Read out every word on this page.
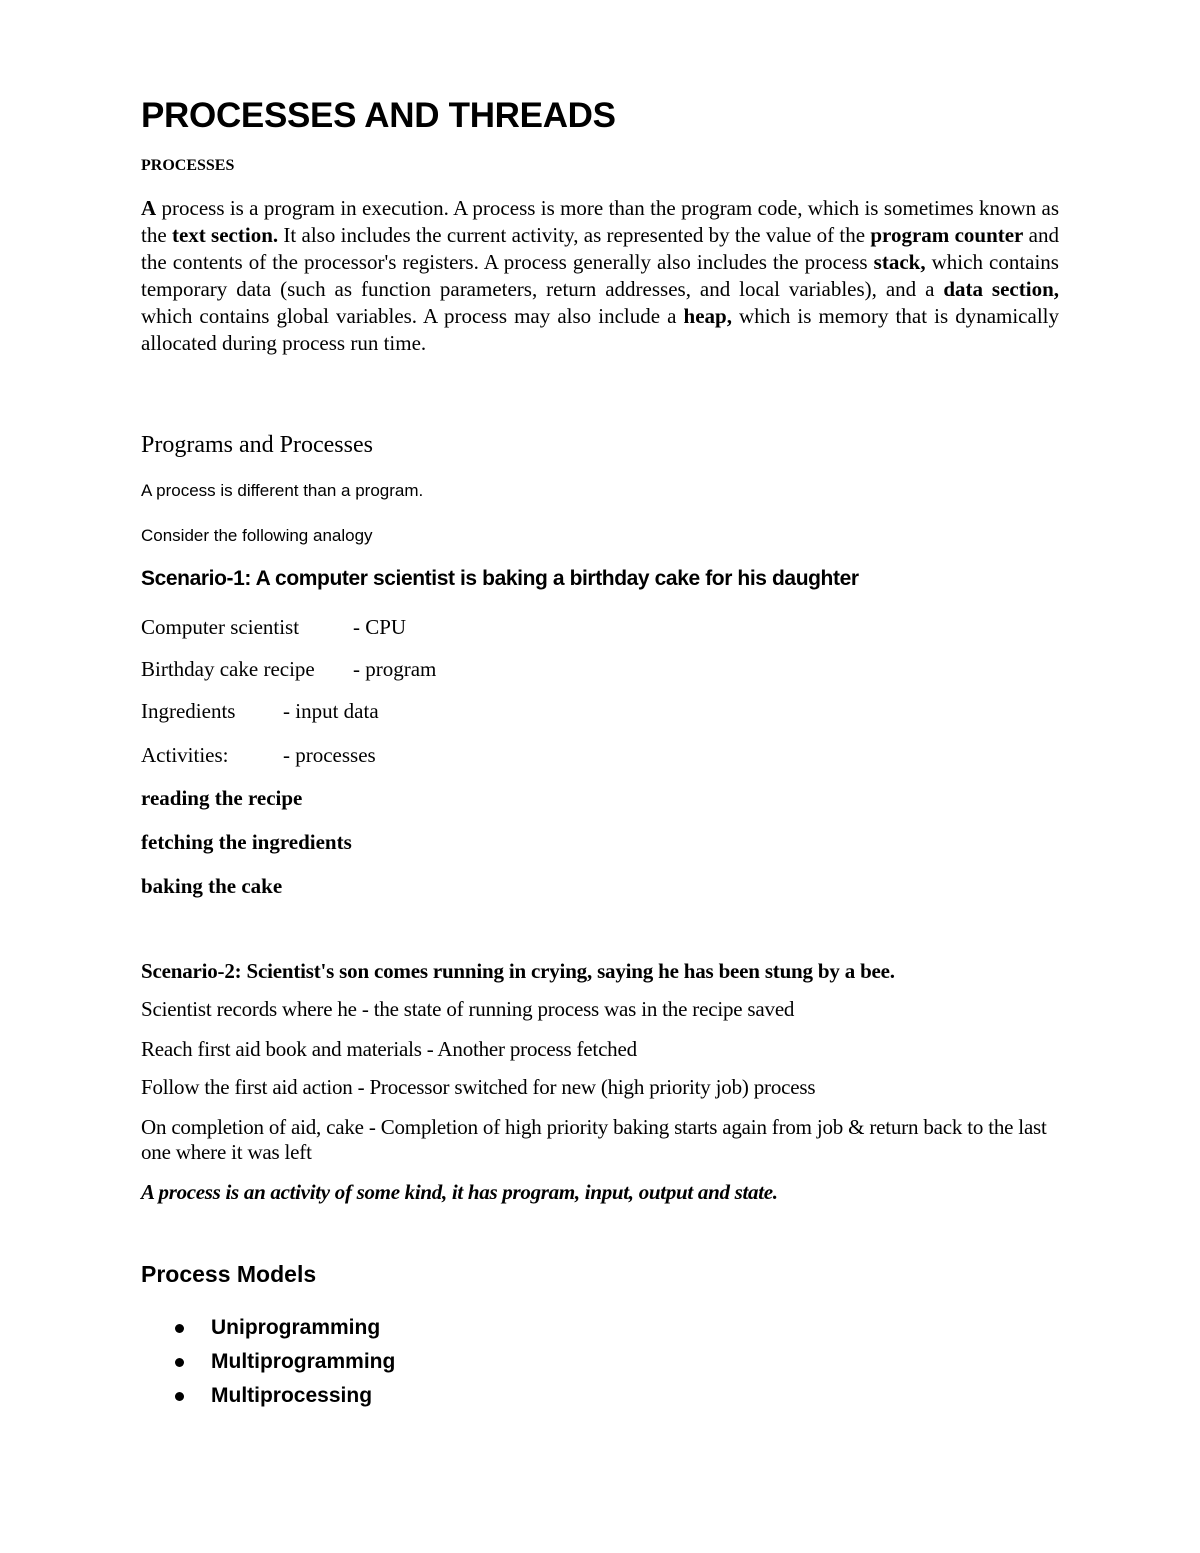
PROCESSES AND THREADS
PROCESSES

A process is a program in execution. A process is more than the program code, which is sometimes known as the text section. It also includes the current activity, as represented by the value of the program counter and the contents of the processor's registers. A process generally also includes the process stack, which contains temporary data (such as function parameters, return addresses, and local variables), and a data section, which contains global variables. A process may also include a heap, which is memory that is dynamically allocated during process run time.

Programs and Processes
A process is different than a program.
Consider the following analogy
Scenario-1: A computer scientist is baking a birthday cake for his daughter
Computer scientist	- CPU
Birthday cake recipe - program
Ingredients - input data
Activities:	- processes
reading the recipe
fetching the ingredients
baking the cake
Scenario-2: Scientist's son comes running in crying, saying he has been stung by a bee.
Scientist records where he - the state of running process was in the recipe saved
Reach first aid book and materials - Another process fetched
Follow the first aid action - Processor switched for new (high priority job) process

On completion of aid, cake - Completion of high priority baking starts again from job & return back to the last one where it was left

A process is an activity of some kind, it has program, input, output and state.
Process Models
Uniprogramming
Multiprogramming
Multiprocessing
